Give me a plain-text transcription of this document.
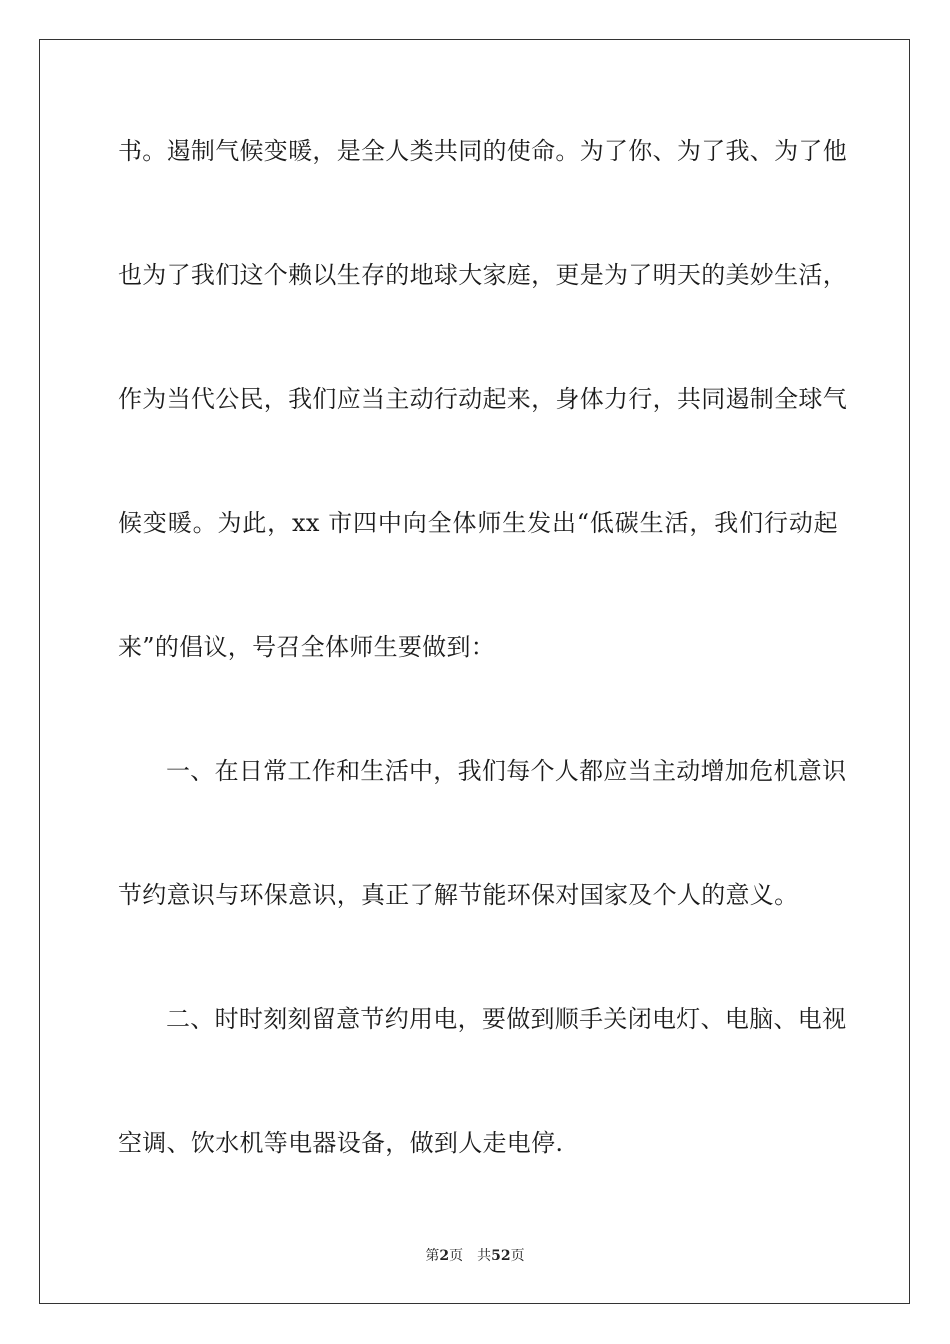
书。遏制气候变暖，是全人类共同的使命。为了你、为了我、为了他
也为了我们这个赖以生存的地球大家庭，更是为了明天的美妙生活，
作为当代公民，我们应当主动行动起来，身体力行，共同遏制全球气
候变暖。为此，xx 市四中向全体师生发出“低碳生活，我们行动起
来”的倡议，号召全体师生要做到：
一、在日常工作和生活中，我们每个人都应当主动增加危机意识
节约意识与环保意识，真正了解节能环保对国家及个人的意义。
二、时时刻刻留意节约用电，要做到顺手关闭电灯、电脑、电视
空调、饮水机等电器设备，做到人走电停.
第2页 共52页
